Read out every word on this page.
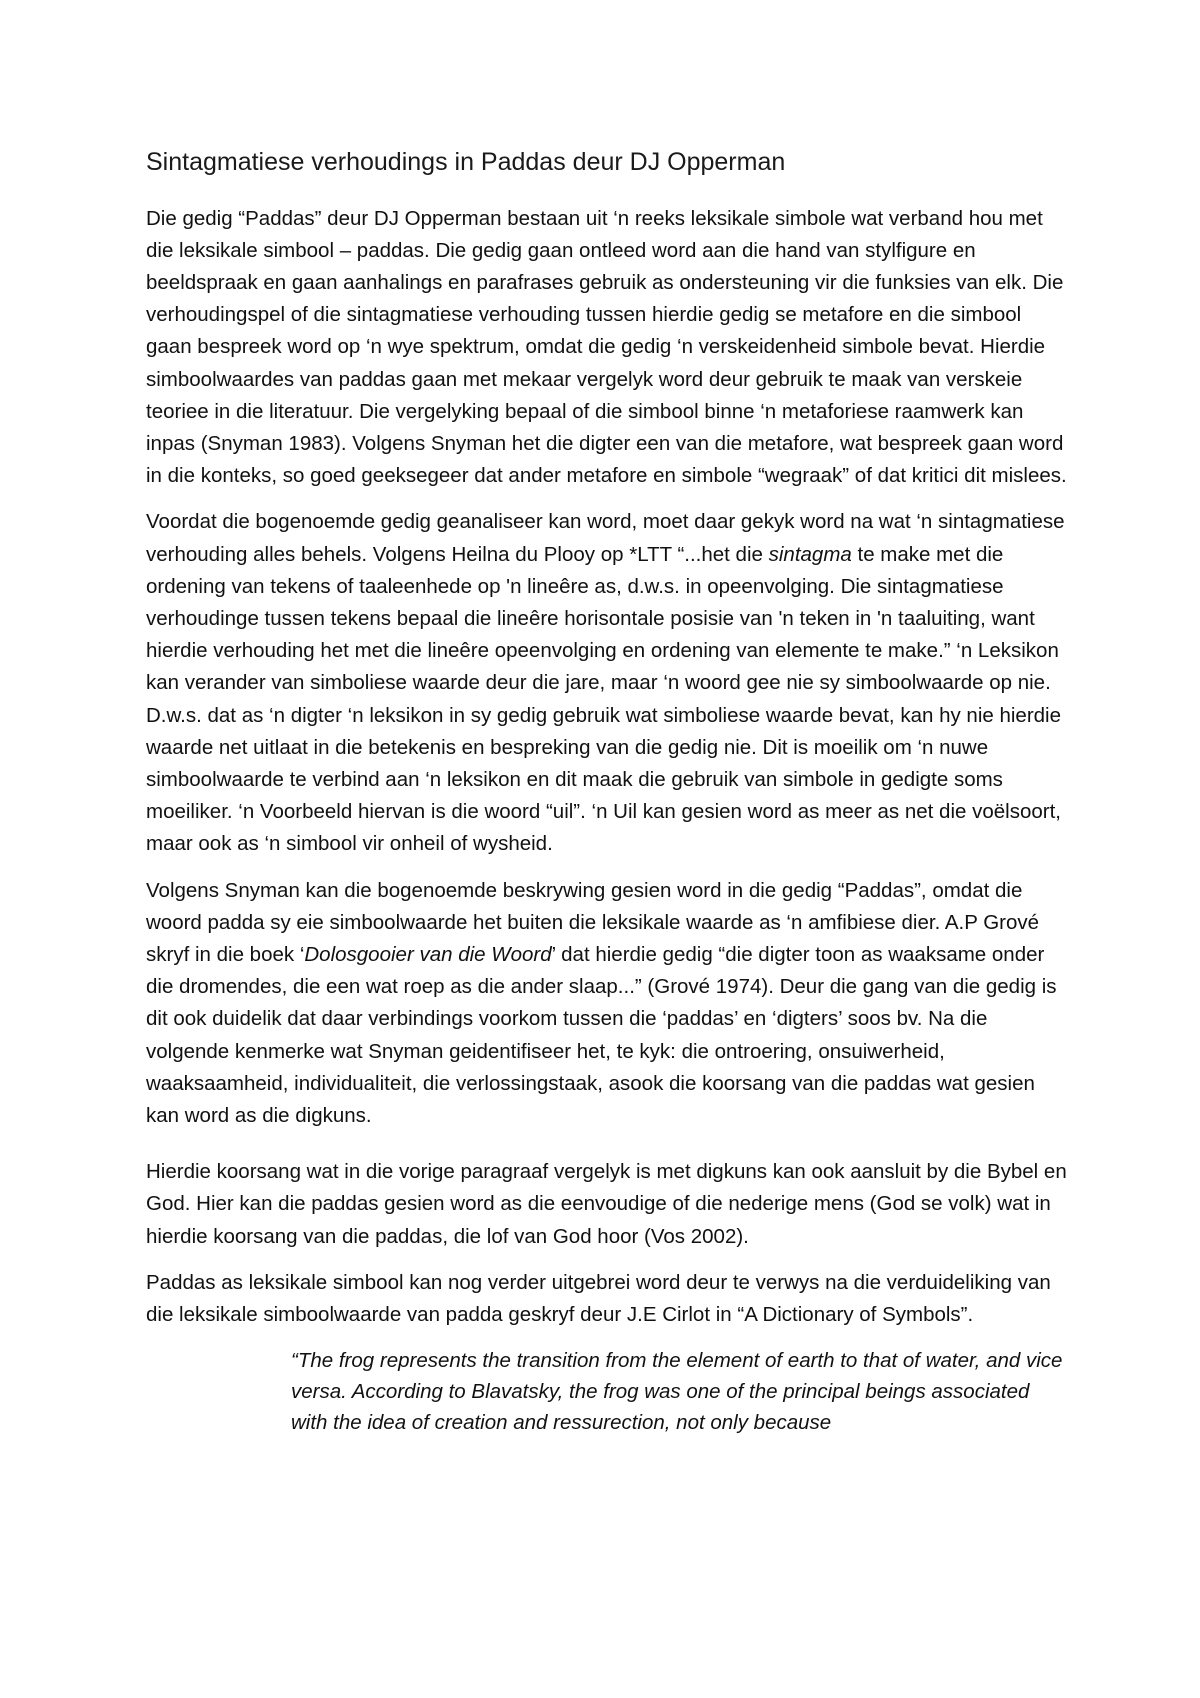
Sintagmatiese verhoudings in Paddas deur DJ Opperman

Die gedig “Paddas” deur DJ Opperman bestaan uit ‘n reeks leksikale simbole wat verband hou met die leksikale simbool – paddas. Die gedig gaan ontleed word aan die hand van stylfigure en beeldspraak en gaan aanhalings en parafrases gebruik as ondersteuning vir die funksies van elk. Die verhoudingspel of die sintagmatiese verhouding tussen hierdie gedig se metafore en die simbool gaan bespreek word op ‘n wye spektrum, omdat die gedig ‘n verskeidenheid simbole bevat. Hierdie simboolwaardes van paddas gaan met mekaar vergelyk word deur gebruik te maak van verskeie teoriee in die literatuur. Die vergelyking bepaal of die simbool binne ‘n metaforiese raamwerk kan inpas (Snyman 1983). Volgens Snyman het die digter een van die metafore, wat bespreek gaan word in die konteks, so goed geeksegeer dat ander metafore en simbole “wegraak” of dat kritici dit mislees.

Voordat die bogenoemde gedig geanaliseer kan word, moet daar gekyk word na wat ‘n sintagmatiese verhouding alles behels. Volgens Heilna du Plooy op *LTT “...het die sintagma te make met die ordening van tekens of taaleenhede op 'n lineêre as, d.w.s. in opeenvolging. Die sintagmatiese verhoudinge tussen tekens bepaal die lineêre horisontale posisie van 'n teken in 'n taaluiting, want hierdie verhouding het met die lineêre opeenvolging en ordening van elemente te make.” ‘n Leksikon kan verander van simboliese waarde deur die jare, maar ‘n woord gee nie sy simboolwaarde op nie. D.w.s. dat as ‘n digter ‘n leksikon in sy gedig gebruik wat simboliese waarde bevat, kan hy nie hierdie waarde net uitlaat in die betekenis en bespreking van die gedig nie. Dit is moeilik om ‘n nuwe simboolwaarde te verbind aan ‘n leksikon en dit maak die gebruik van simbole in gedigte soms moeiliker. ‘n Voorbeeld hiervan is die woord “uil”. ‘n Uil kan gesien word as meer as net die voëlsoort, maar ook as ‘n simbool vir onheil of wysheid.

Volgens Snyman kan die bogenoemde beskrywing gesien word in die gedig “Paddas”, omdat die woord padda sy eie simboolwaarde het buiten die leksikale waarde as ‘n amfibiese dier. A.P Grové skryf in die boek ‘Dolosgooier van die Woord’ dat hierdie gedig “die digter toon as waaksame onder die dromendes, die een wat roep as die ander slaap...” (Grové 1974). Deur die gang van die gedig is dit ook duidelik dat daar verbindings voorkom tussen die ‘paddas’ en ‘digters’ soos bv. Na die volgende kenmerke wat Snyman geidentifiseer het, te kyk: die ontroering, onsuiwerheid, waaksaamheid, individualiteit, die verlossingstaak, asook die koorsang van die paddas wat gesien kan word as die digkuns.

Hierdie koorsang wat in die vorige paragraaf vergelyk is met digkuns kan ook aansluit by die Bybel en God. Hier kan die paddas gesien word as die eenvoudige of die nederige mens (God se volk) wat in hierdie koorsang van die paddas, die lof van God hoor (Vos 2002).

Paddas as leksikale simbool kan nog verder uitgebrei word deur te verwys na die verduideliking van die leksikale simboolwaarde van padda geskryf deur J.E Cirlot in “A Dictionary of Symbols”.

“The frog represents the transition from the element of earth to that of water, and vice versa. According to Blavatsky, the frog was one of the principal beings associated with the idea of creation and ressurection, not only because
